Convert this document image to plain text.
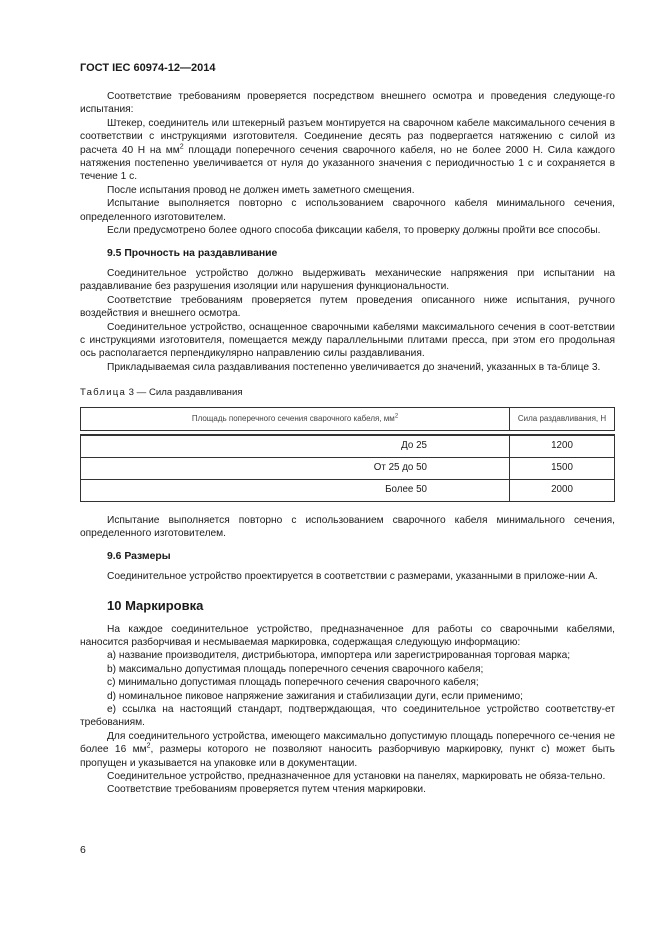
ГОСТ IEC 60974-12—2014

Соответствие требованиям проверяется посредством внешнего осмотра и проведения следующе-го испытания:

Штекер, соединитель или штекерный разъем монтируется на сварочном кабеле максимального сечения в соответствии с инструкциями изготовителя. Соединение десять раз подвергается натяжению с силой из расчета 40 Н на $мм^2$ площади поперечного сечения сварочного кабеля, но не более 2000 Н. Сила каждого натяжения постепенно увеличивается от нуля до указанного значения с периодичностью 1 с и сохраняется в течение 1 с.

После испытания провод не должен иметь заметного смещения.

Испытание выполняется повторно с использованием сварочного кабеля минимального сечения, определенного изготовителем.

Если предусмотрено более одного способа фиксации кабеля, то проверку должны пройти все способы.

9.5 Прочность на раздавливание

Соединительное устройство должно выдерживать механические напряжения при испытании на раздавливание без разрушения изоляции или нарушения функциональности.

Соответствие требованиям проверяется путем проведения описанного ниже испытания, ручного воздействия и внешнего осмотра.

Соединительное устройство, оснащенное сварочными кабелями максимального сечения в соот-ветствии с инструкциями изготовителя, помещается между параллельными плитами пресса, при этом его продольная ось располагается перпендикулярно направлению силы раздавливания.

Прикладываемая сила раздавливания постепенно увеличивается до значений, указанных в та-блице 3.

Таблица 3 — Сила раздавливания
Площадь поперечного сечения сварочного кабеля, $мм^2$	Сила раздавливания, Н

До 25	1200
От 25 до 50	1500
Более 50	2000

Испытание выполняется повторно с использованием сварочного кабеля минимального сечения, определенного изготовителем.

9.6 Размеры

Соединительное устройство проектируется в соответствии с размерами, указанными в приложе-нии А.

10 Маркировка

На каждое соединительное устройство, предназначенное для работы со сварочными кабелями, наносится разборчивая и несмываемая маркировка, содержащая следующую информацию:

a) название производителя, дистрибьютора, импортера или зарегистрированная торговая марка;

b) максимально допустимая площадь поперечного сечения сварочного кабеля;

c) минимально допустимая площадь поперечного сечения сварочного кабеля;

d) номинальное пиковое напряжение зажигания и стабилизации дуги, если применимо;

e) ссылка на настоящий стандарт, подтверждающая, что соединительное устройство соответству-ет требованиям.

Для соединительного устройства, имеющего максимально допустимую площадь поперечного се-чения не более 16 $мм^2$, размеры которого не позволяют наносить разборчивую маркировку, пункт c) может быть пропущен и указывается на упаковке или в документации.

Соединительное устройство, предназначенное для установки на панелях, маркировать не обяза-тельно.

Соответствие требованиям проверяется путем чтения маркировки.

6
